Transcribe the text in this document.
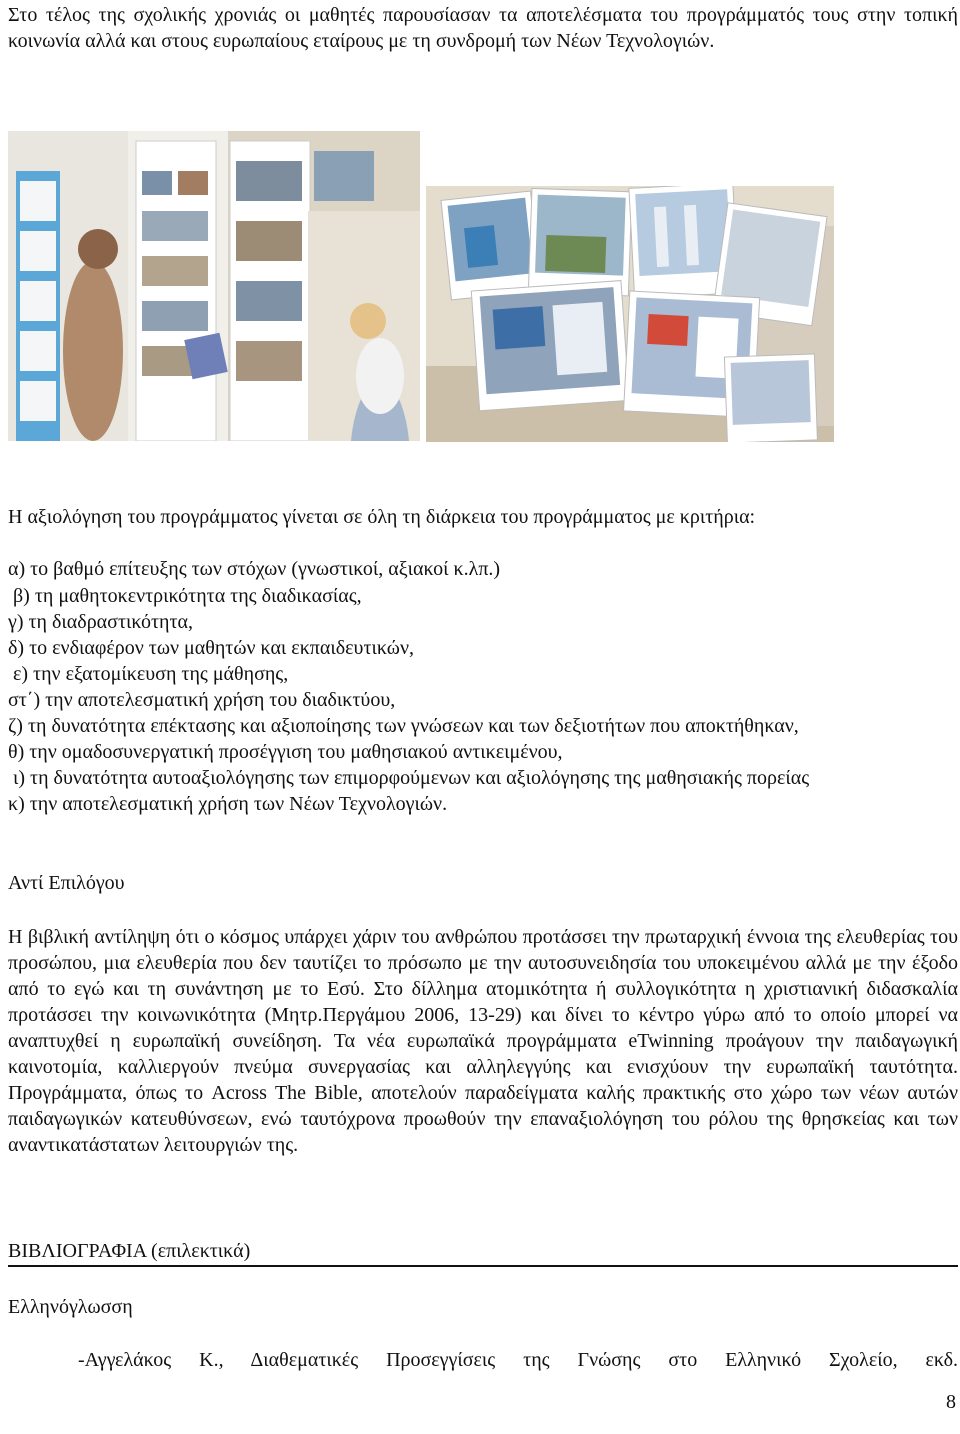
Στο τέλος της σχολικής χρονιάς οι μαθητές παρουσίασαν τα αποτελέσματα του προγράμματός τους στην τοπική κοινωνία αλλά και στους ευρωπαίους εταίρους με τη συνδρομή των Νέων Τεχνολογιών.
Η αξιολόγηση του προγράμματος γίνεται σε όλη τη διάρκεια του προγράμματος με κριτήρια:
α) το βαθμό επίτευξης των στόχων (γνωστικοί, αξιακοί κ.λπ.)
β) τη μαθητοκεντρικότητα της διαδικασίας,
γ) τη διαδραστικότητα,
δ) το ενδιαφέρον των μαθητών και εκπαιδευτικών,
ε) την εξατομίκευση της μάθησης,
στ΄) την αποτελεσματική χρήση του διαδικτύου,
ζ) τη δυνατότητα επέκτασης και αξιοποίησης των γνώσεων και των δεξιοτήτων που αποκτήθηκαν,
θ) την ομαδοσυνεργατική προσέγγιση του μαθησιακού αντικειμένου,
ι) τη δυνατότητα αυτοαξιολόγησης των επιμορφούμενων και αξιολόγησης της μαθησιακής πορείας
κ) την αποτελεσματική χρήση των Νέων Τεχνολογιών.
Αντί Επιλόγου
Η βιβλική αντίληψη ότι ο κόσμος υπάρχει χάριν του ανθρώπου προτάσσει την πρωταρχική έννοια της ελευθερίας του προσώπου, μια ελευθερία που δεν ταυτίζει το πρόσωπο με την αυτοσυνειδησία του υποκειμένου αλλά με την έξοδο από το εγώ και τη συνάντηση με το Εσύ. Στο δίλλημα ατομικότητα ή συλλογικότητα η χριστιανική διδασκαλία προτάσσει την κοινωνικότητα (Μητρ.Περγάμου 2006, 13-29) και δίνει το κέντρο γύρω από το οποίο μπορεί να αναπτυχθεί η ευρωπαϊκή συνείδηση. Τα νέα ευρωπαϊκά προγράμματα eTwinning προάγουν την παιδαγωγική καινοτομία, καλλιεργούν πνεύμα συνεργασίας και αλληλεγγύης και ενισχύουν την ευρωπαϊκή ταυτότητα. Προγράμματα, όπως το Across The Bible, αποτελούν παραδείγματα καλής πρακτικής στο χώρο των νέων αυτών παιδαγωγικών κατευθύνσεων, ενώ ταυτόχρονα προωθούν την επαναξιολόγηση του ρόλου της θρησκείας και των αναντικατάστατων λειτουργιών της.
ΒΙΒΛΙΟΓΡΑΦΙΑ (επιλεκτικά)
Ελληνόγλωσση
-Αγγελάκος Κ., Διαθεματικές Προσεγγίσεις της Γνώσης στο Ελληνικό Σχολείο, εκδ.
8
